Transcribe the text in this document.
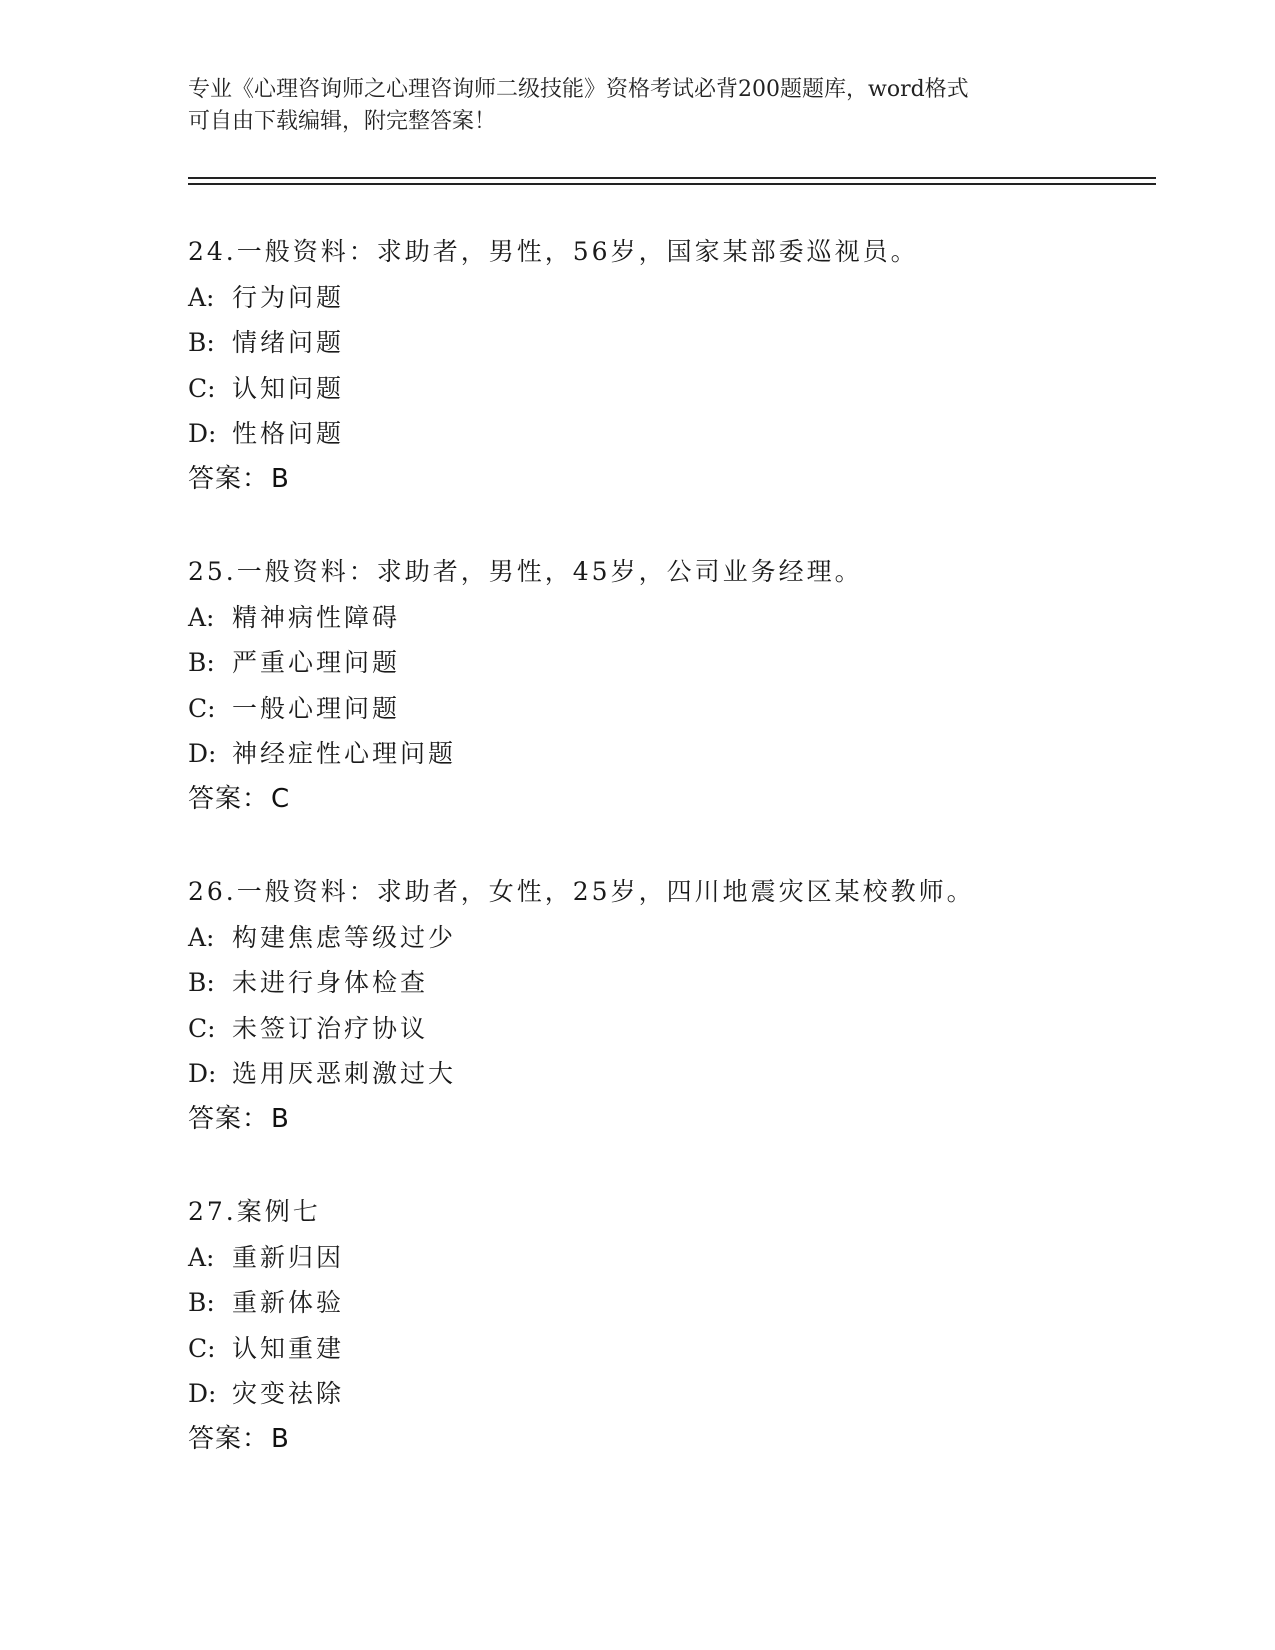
专业《心理咨询师之心理咨询师二级技能》资格考试必背200题题库，word格式
可自由下载编辑，附完整答案！
24.一般资料：求助者，男性，56岁，国家某部委巡视员。
A: 行为问题
B: 情绪问题
C: 认知问题
D: 性格问题
答案：B
25.一般资料：求助者，男性，45岁，公司业务经理。
A: 精神病性障碍
B: 严重心理问题
C: 一般心理问题
D: 神经症性心理问题
答案：C
26.一般资料：求助者，女性，25岁，四川地震灾区某校教师。
A: 构建焦虑等级过少
B: 未进行身体检查
C: 未签订治疗协议
D: 选用厌恶刺激过大
答案：B
27.案例七
A: 重新归因
B: 重新体验
C: 认知重建
D: 灾变祛除
答案：B
